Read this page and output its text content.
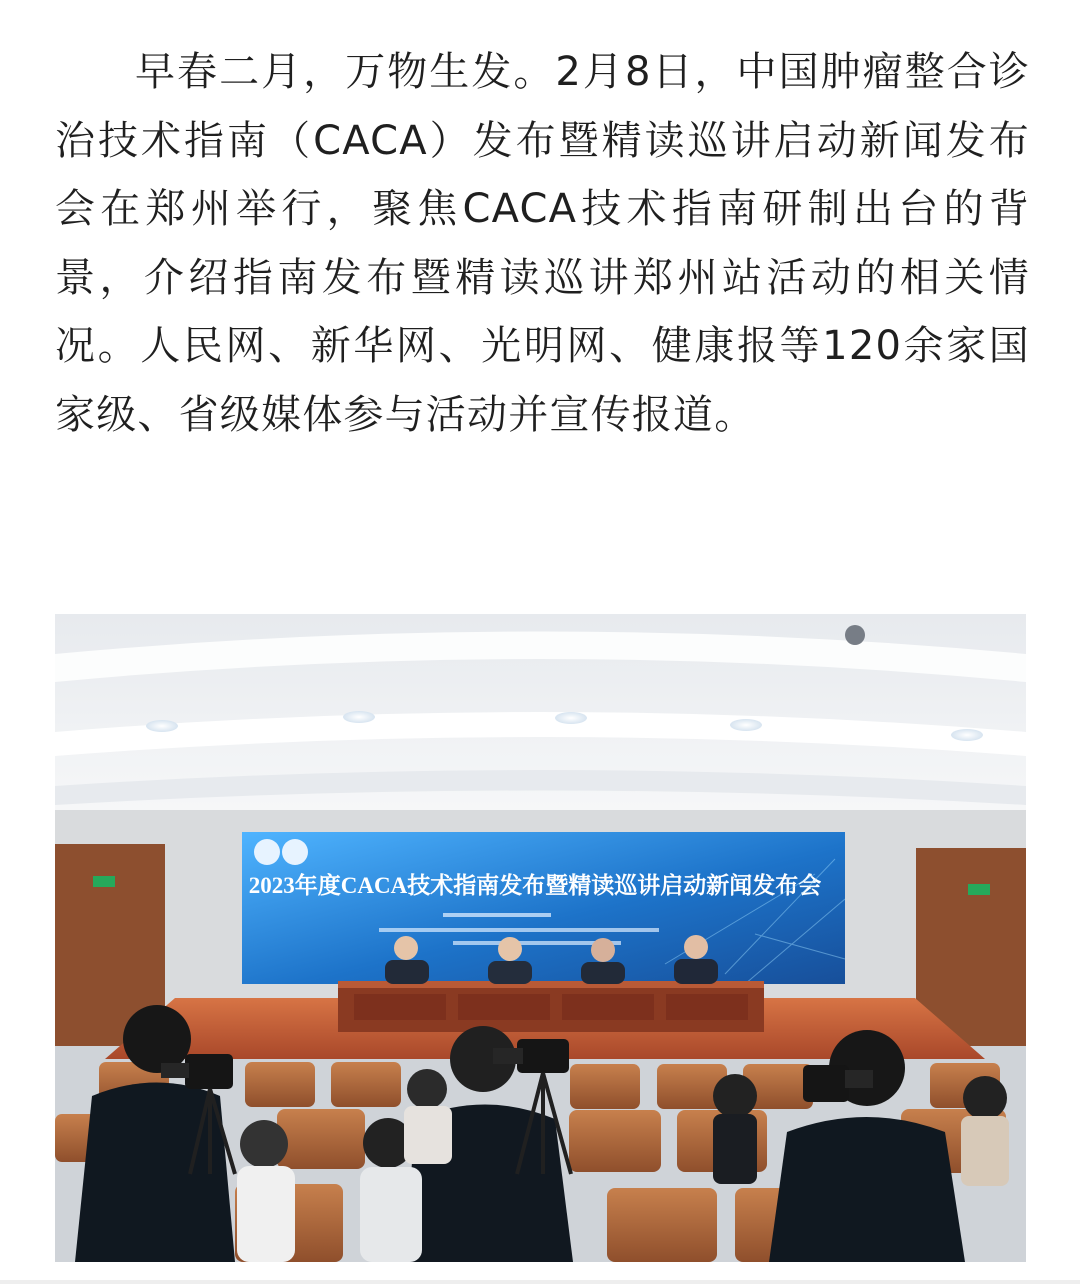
早春二月，万物生发。2月8日，中国肿瘤整合诊治技术指南（CACA）发布暨精读巡讲启动新闻发布会在郑州举行，聚焦CACA技术指南研制出台的背景，介绍指南发布暨精读巡讲郑州站活动的相关情况。人民网、新华网、光明网、健康报等120余家国家级、省级媒体参与活动并宣传报道。

2023年度CACA技术指南发布暨精读巡讲启动新闻发布会
